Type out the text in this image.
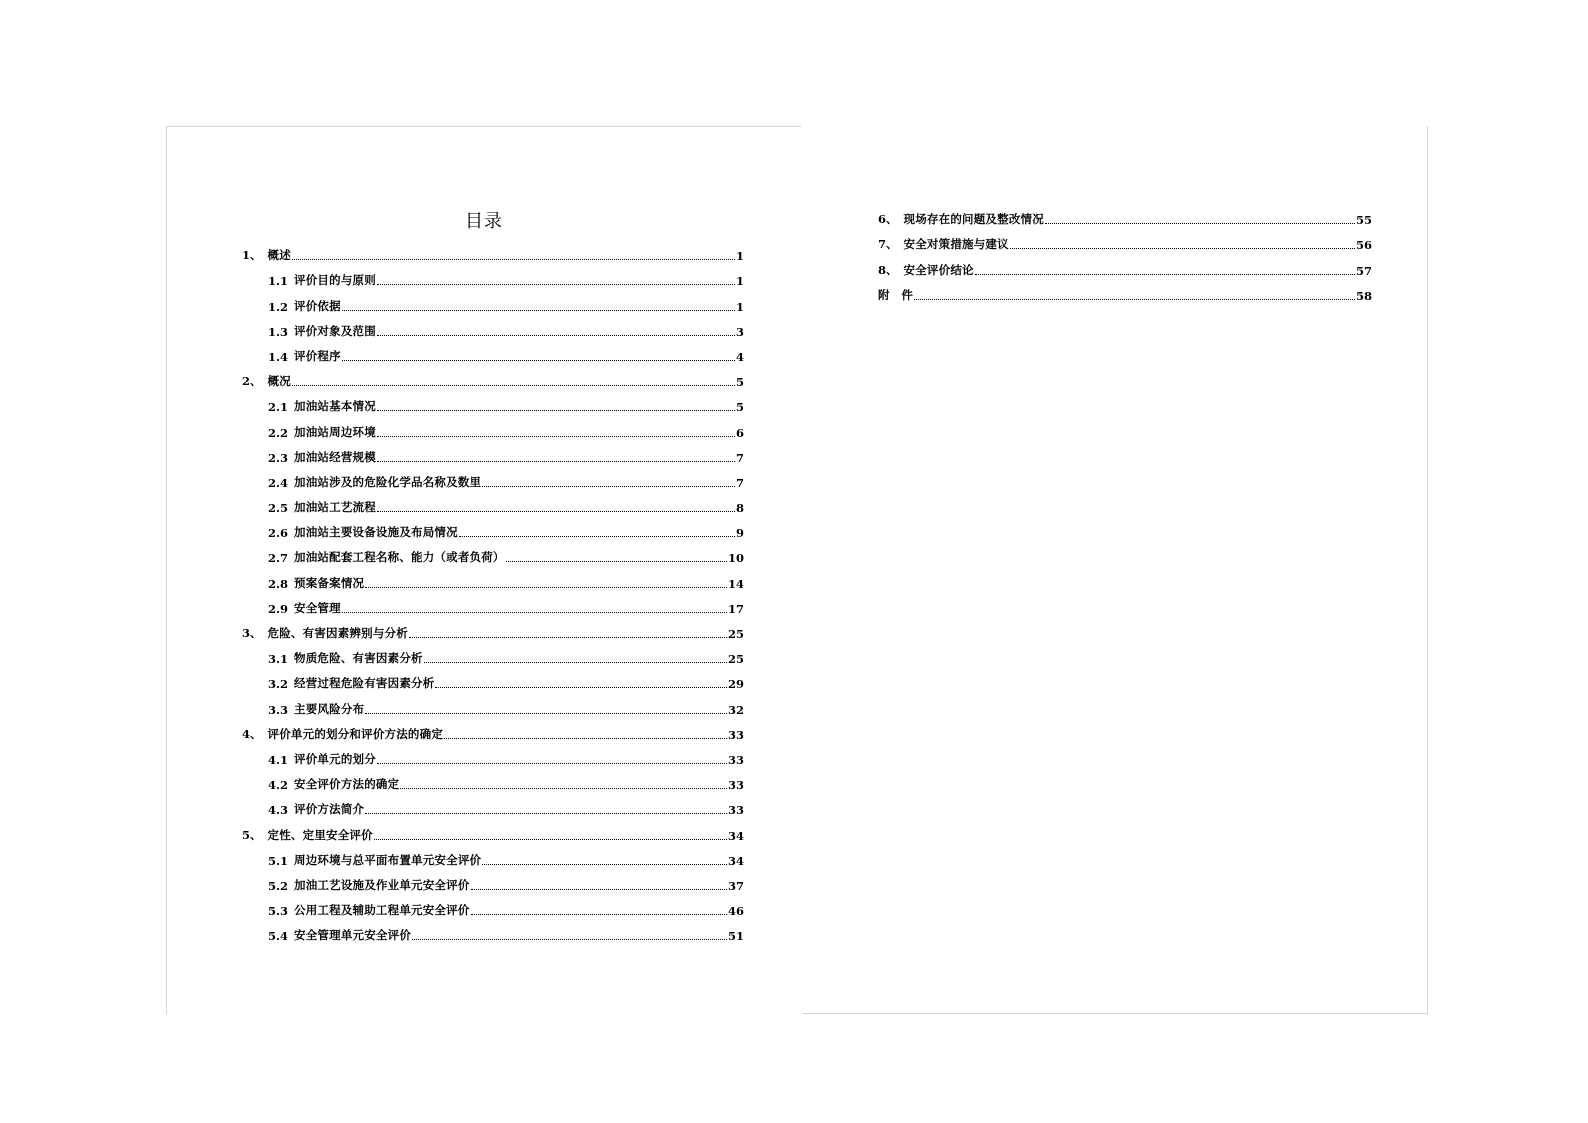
目录
1、 概述	1
1.1 评价目的与原则	1
1.2 评价依据	1
1.3 评价对象及范围	3
1.4 评价程序	4
2、 概况	5
2.1 加油站基本情况	5
2.2 加油站周边环境	6
2.3 加油站经营规模	7
2.4 加油站涉及的危险化学品名称及数里	7
2.5 加油站工艺流程	8
2.6 加油站主要设备设施及布局情况	9
2.7 加油站配套工程名称、能力（或者负荷）	10
2.8 预案备案情况	14
2.9 安全管理	17
3、 危险、有害因素辨别与分析	25
3.1 物质危险、有害因素分析	25
3.2 经营过程危险有害因素分析	29
3.3 主要风险分布	32
4、 评价单元的划分和评价方法的确定	33
4.1 评价单元的划分	33
4.2 安全评价方法的确定	33
4.3 评价方法简介	33
5、 定性、定里安全评价	34
5.1 周边环境与总平面布置单元安全评价	34
5.2 加油工艺设施及作业单元安全评价	37
5.3 公用工程及辅助工程单元安全评价	46
5.4 安全管理单元安全评价	51
6、 现场存在的问题及整改情况	55
7、 安全对策措施与建议	56
8、 安全评价结论	57
附　件	58
